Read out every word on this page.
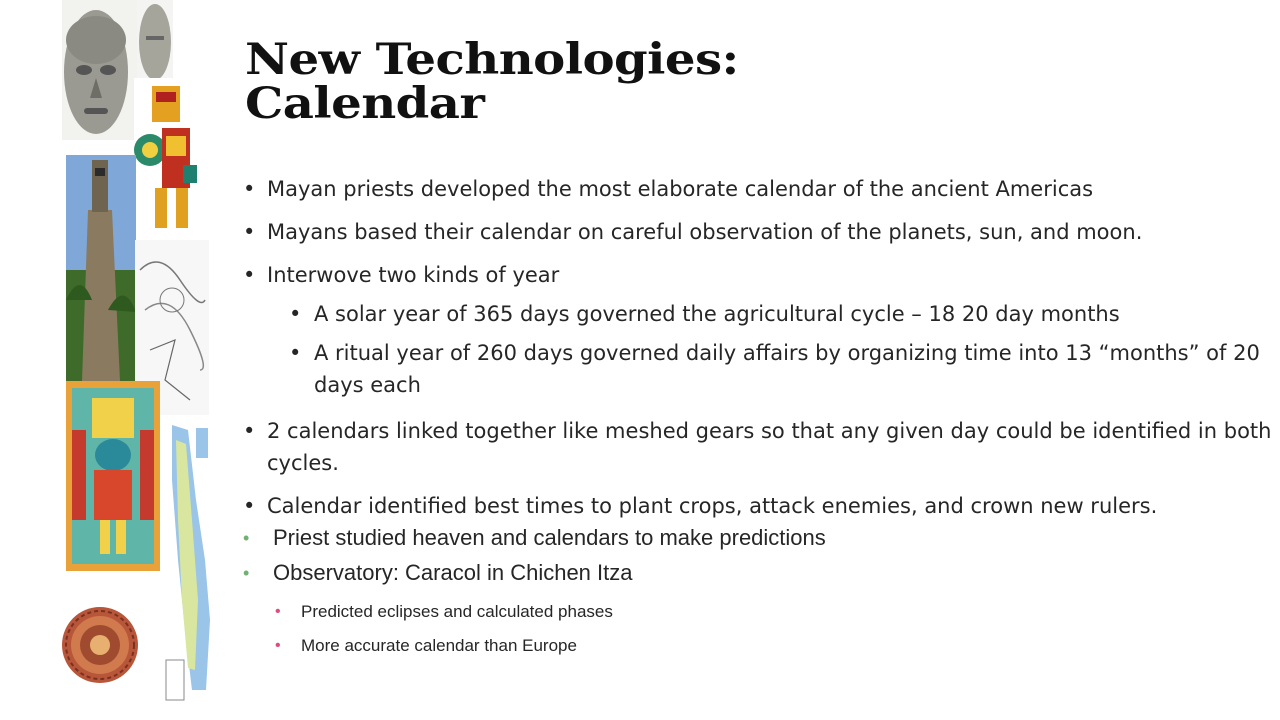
New Technologies:
Calendar
• Mayan priests developed the most elaborate calendar of the ancient Americas
• Mayans based their calendar on careful observation of the planets, sun, and moon.
• Interwove two kinds of year
• A solar year of 365 days governed the agricultural cycle – 18 20 day months
• A ritual year of 260 days governed daily affairs by organizing time into 13 “months” of 20 days each
• 2 calendars linked together like meshed gears so that any given day could be identified in both cycles.
• Calendar identified best times to plant crops, attack enemies, and crown new rulers.
• Priest studied heaven and calendars to make predictions
• Observatory: Caracol in Chichen Itza
• Predicted eclipses and calculated phases
• More accurate calendar than Europe
